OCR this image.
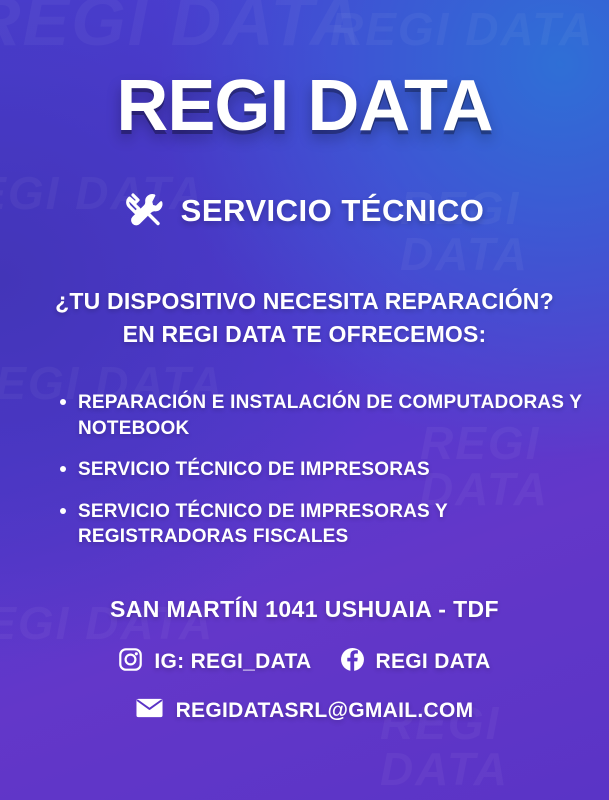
REGI DATA
SERVICIO TÉCNICO
¿TU DISPOSITIVO NECESITA REPARACIÓN?
EN REGI DATA TE OFRECEMOS:
REPARACIÓN E INSTALACIÓN DE COMPUTADORAS Y NOTEBOOK
SERVICIO TÉCNICO DE IMPRESORAS
SERVICIO TÉCNICO DE IMPRESORAS Y REGISTRADORAS FISCALES
SAN MARTÍN 1041 USHUAIA - TDF
IG: REGI_DATA	REGI DATA
REGIDATASRL@GMAIL.COM
